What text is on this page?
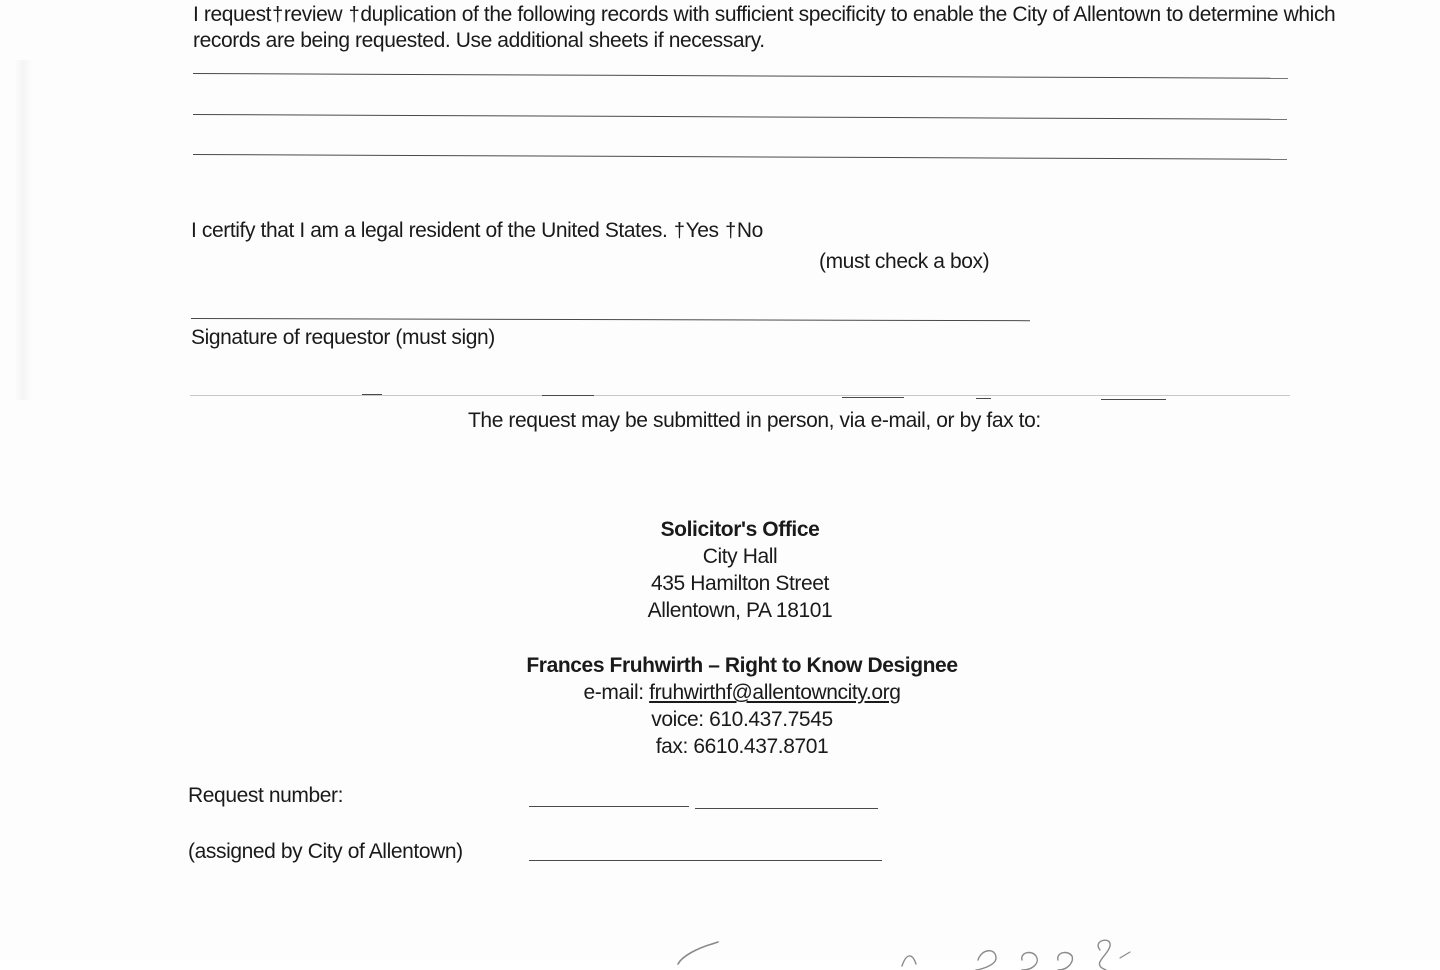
I request†review †duplication of the following records with sufficient specificity to enable the City of Allentown to determine which
records are being requested. Use additional sheets if necessary.
I certify that I am a legal resident of the United States. †Yes †No
(must check a box)
Signature of requestor (must sign)
The request may be submitted in person, via e-mail, or by fax to:
Solicitor's Office
City Hall
435 Hamilton Street
Allentown, PA 18101
Frances Fruhwirth – Right to Know Designee
e-mail: fruhwirthf@allentowncity.org
voice: 610.437.7545
fax: 6610.437.8701
Request number:
(assigned by City of Allentown)
